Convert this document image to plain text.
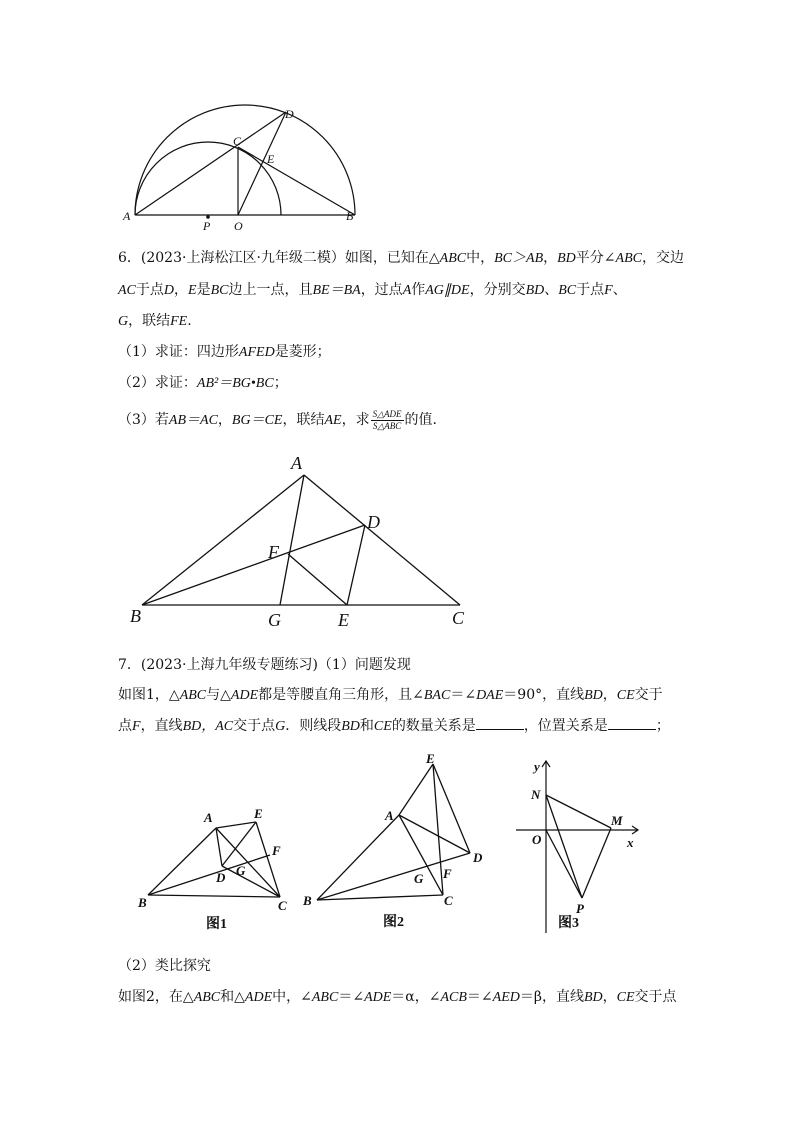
A	B
C
D
E
O
P
6．(2023·上海松江区·九年级二模）如图，已知在△ABC中，BC＞AB，BD平分∠ABC，交边
AC于点D，E是BC边上一点，且BE＝BA，过点A作AG∥DE，分别交BD、BC于点F、
G，联结FE.
（1）求证：四边形AFED是菱形；
（2）求证：AB²＝BG•BC；
（3）若AB＝AC，BG＝CE，联结AE，求 $\frac{\text{S△ADE}}{\text{S△ABC}}$ 的值.
A
B	C
D
E
F
G
7．(2023·上海九年级专题练习)（1）问题发现
如图1，△ABC与△ADE都是等腰直角三角形，且∠BAC＝∠DAE＝90°，直线BD，CE交于
点F，直线BD，AC交于点G．则线段BD和CE的数量关系是	，位置关系是	；
A
B	C
D
E
F
G
图1
A
B	C
D
E
F
G
图2
y
x
N
M
O
P
图3
（2）类比探究
如图2，在△ABC和△ADE中，∠ABC＝∠ADE＝α，∠ACB＝∠AED＝β，直线BD，CE交于点
